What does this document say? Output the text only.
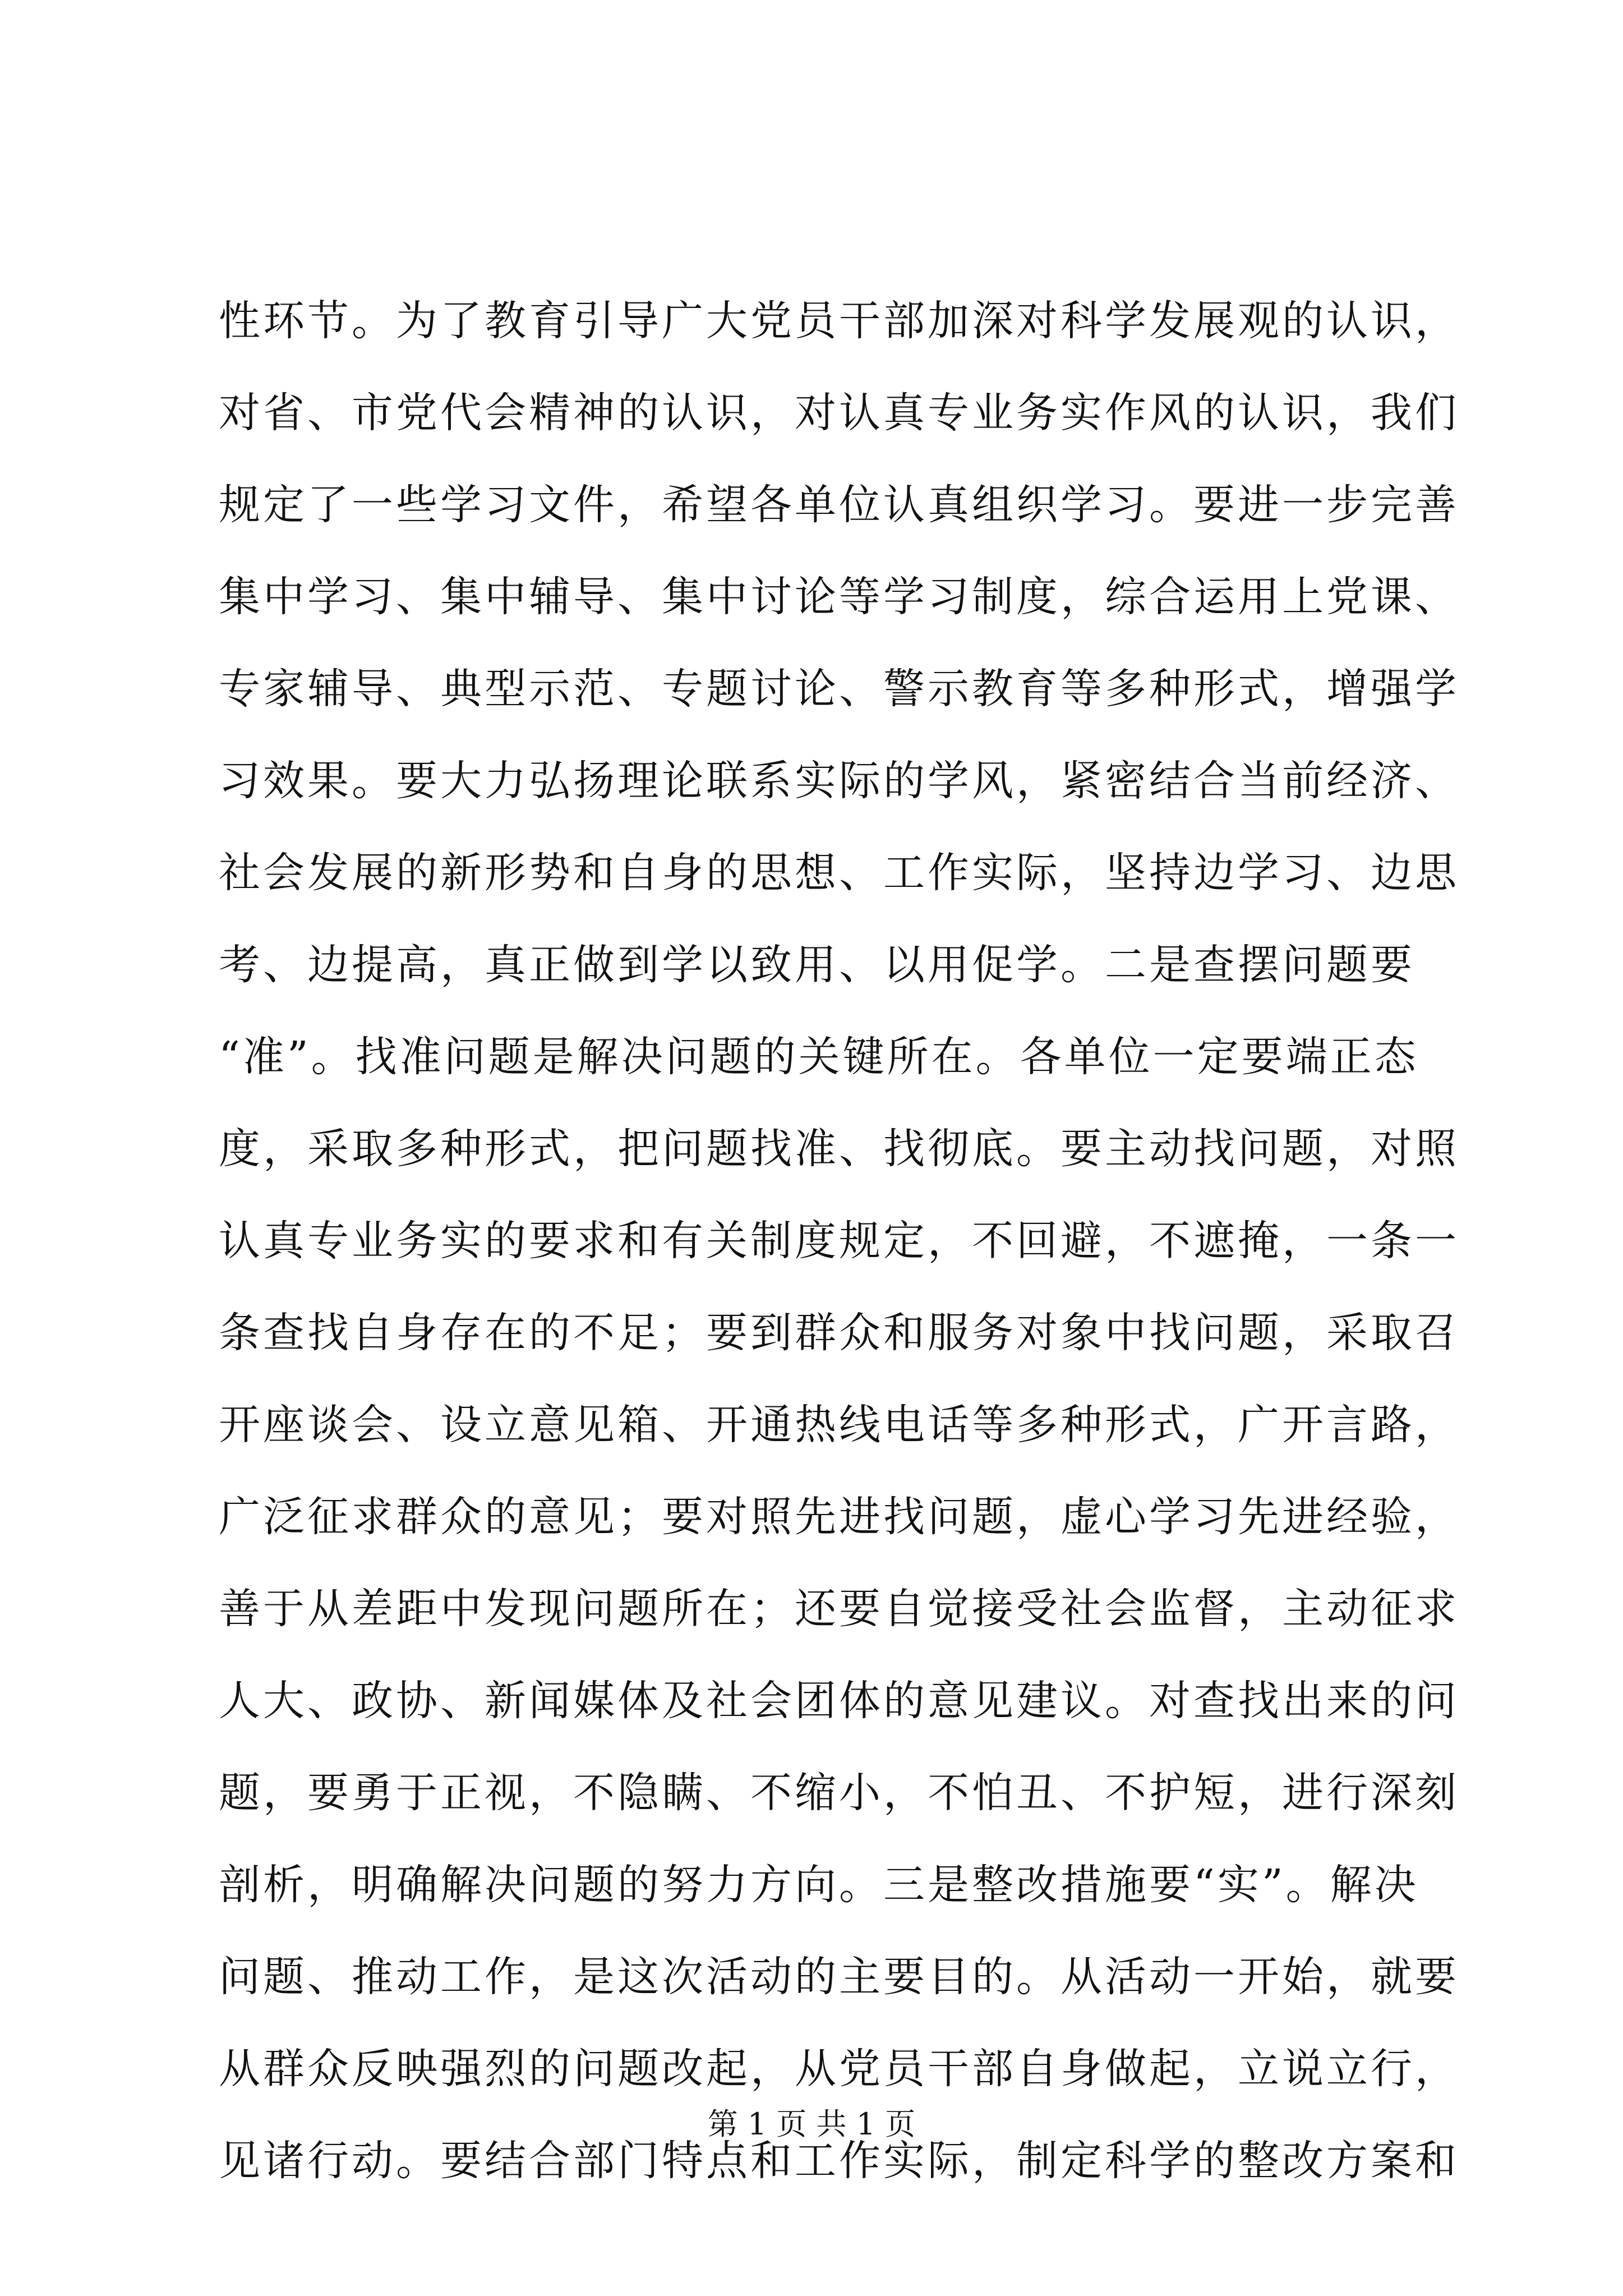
性环节。为了教育引导广大党员干部加深对科学发展观的认识，
对省、市党代会精神的认识，对认真专业务实作风的认识，我们
规定了一些学习文件，希望各单位认真组织学习。要进一步完善
集中学习、集中辅导、集中讨论等学习制度，综合运用上党课、
专家辅导、典型示范、专题讨论、警示教育等多种形式，增强学
习效果。要大力弘扬理论联系实际的学风，紧密结合当前经济、
社会发展的新形势和自身的思想、工作实际，坚持边学习、边思
考、边提高，真正做到学以致用、以用促学。二是查摆问题要
“准”。找准问题是解决问题的关键所在。各单位一定要端正态
度，采取多种形式，把问题找准、找彻底。要主动找问题，对照
认真专业务实的要求和有关制度规定，不回避，不遮掩，一条一
条查找自身存在的不足；要到群众和服务对象中找问题，采取召
开座谈会、设立意见箱、开通热线电话等多种形式，广开言路，
广泛征求群众的意见；要对照先进找问题，虚心学习先进经验，
善于从差距中发现问题所在；还要自觉接受社会监督，主动征求
人大、政协、新闻媒体及社会团体的意见建议。对查找出来的问
题，要勇于正视，不隐瞒、不缩小，不怕丑、不护短，进行深刻
剖析，明确解决问题的努力方向。三是整改措施要“实”。解决
问题、推动工作，是这次活动的主要目的。从活动一开始，就要
从群众反映强烈的问题改起，从党员干部自身做起，立说立行，
见诸行动。要结合部门特点和工作实际，制定科学的整改方案和
第 1 页 共 1 页
